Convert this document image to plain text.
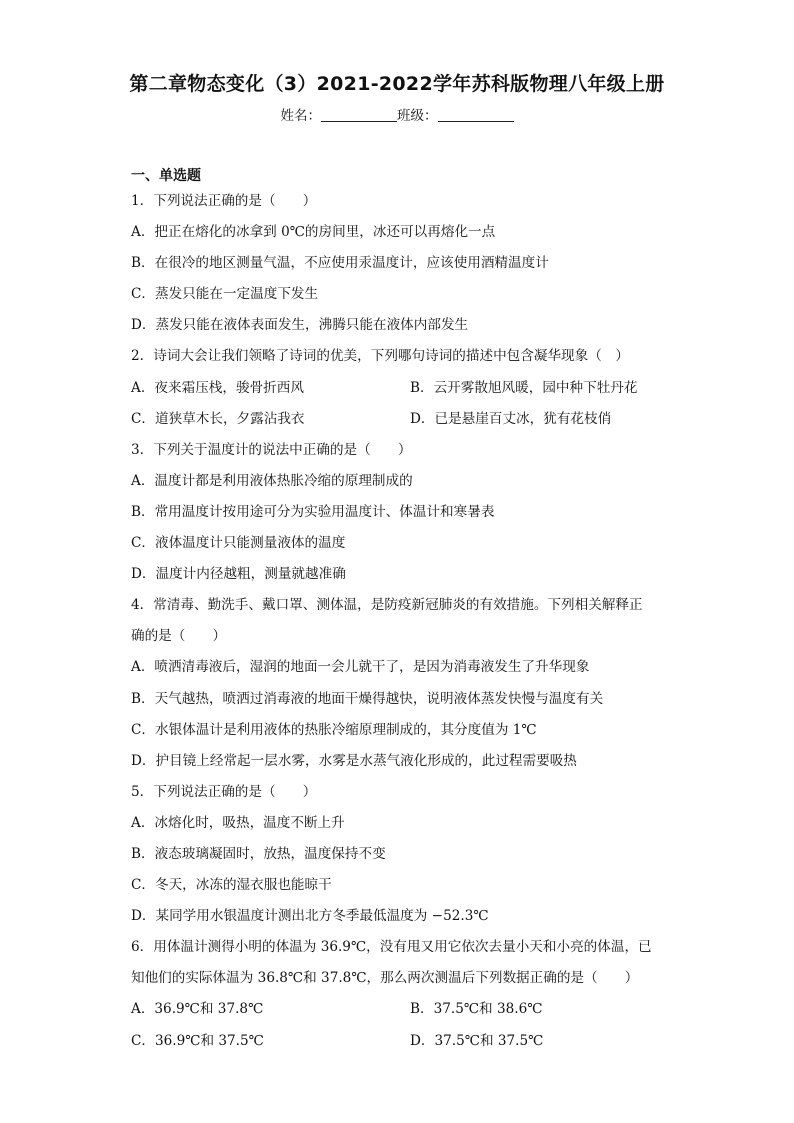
第二章物态变化（3）2021-2022学年苏科版物理八年级上册
姓名：	班级：
一、单选题
1．下列说法正确的是（　　）
A．把正在熔化的冰拿到 0℃的房间里，冰还可以再熔化一点
B．在很冷的地区测量气温，不应使用汞温度计，应该使用酒精温度计
C．蒸发只能在一定温度下发生
D．蒸发只能在液体表面发生，沸腾只能在液体内部发生
2．诗词大会让我们领略了诗词的优美，下列哪句诗词的描述中包含凝华现象（　）
A．夜来霜压栈，骏骨折西风	B．云开雾散旭风暖，园中种下牡丹花
C．道狭草木长，夕露沾我衣	D．已是悬崖百丈冰，犹有花枝俏
3．下列关于温度计的说法中正确的是（　　）
A．温度计都是利用液体热胀冷缩的原理制成的
B．常用温度计按用途可分为实验用温度计、体温计和寒暑表
C．液体温度计只能测量液体的温度
D．温度计内径越粗，测量就越准确
4．常清毒、勤洗手、戴口罩、测体温，是防疫新冠肺炎的有效措施。下列相关解释正
确的是（　　）
A．喷洒清毒液后，湿润的地面一会儿就干了，是因为消毒液发生了升华现象
B．天气越热，喷洒过消毒液的地面干燥得越快，说明液体蒸发快慢与温度有关
C．水银体温计是利用液体的热胀冷缩原理制成的，其分度值为 1℃
D．护目镜上经常起一层水雾，水雾是水蒸气液化形成的，此过程需要吸热
5．下列说法正确的是（　　）
A．冰熔化时，吸热，温度不断上升
B．液态玻璃凝固时，放热，温度保持不变
C．冬天，冰冻的湿衣服也能晾干
D．某同学用水银温度计测出北方冬季最低温度为 −52.3℃
6．用体温计测得小明的体温为 36.9℃，没有甩又用它依次去量小天和小亮的体温，已
知他们的实际体温为 36.8℃和 37.8℃，那么两次测温后下列数据正确的是（　　）
A．36.9℃和 37.8℃	B．37.5℃和 38.6℃
C．36.9℃和 37.5℃	D．37.5℃和 37.5℃
